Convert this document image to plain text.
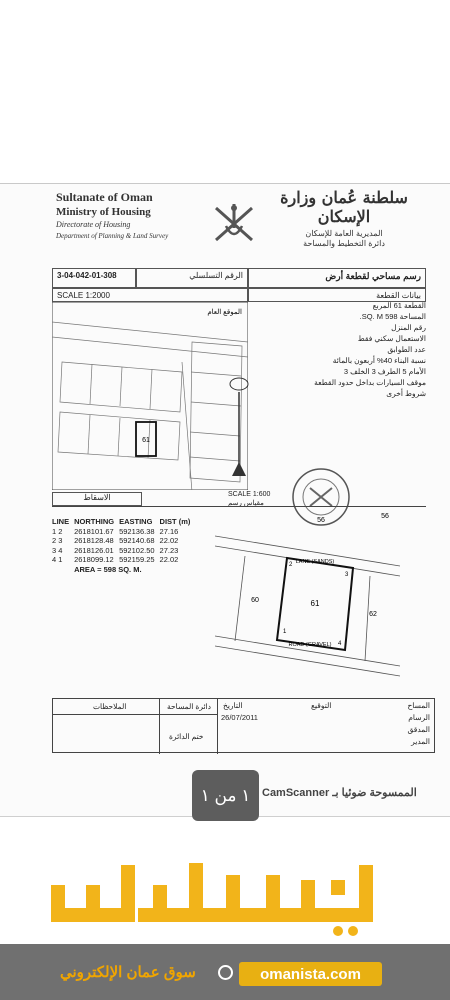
Sultanate of Oman
Ministry of Housing
Directorate of Housing
Department of Planning & Land Survey
سلطنة عُمان وزارة الإسكان
المديرية العامة للإسكان
دائرة التخطيط والمساحة
3-04-042-01-308	الرقم التسلسلي	رسم مساحي لقطعة أرض
SCALE 1:2000	بيانات القطعة
61
الموقع العام
القطعة 61 المربع
المساحة 598 SQ. M.
رقم المنزل
الاستعمال سكني فقط
عدد الطوابق
نسبة البناء 40% أربعون بالمائة
الأمام 5 الطرف 3 الخلف 3
موقف السيارات بداخل حدود القطعة
شروط أخرى
56
الاسقاط	SCALE 1:600
مقياس رسم
LINE	NORTHING	EASTING	DIST (m)
1 2	2618101.67	592136.38	27.16
2 3	2618128.48	592140.68	22.02
3 4	2618126.01	592102.50	27.23
4 1	2618099.12	592159.25	22.02
	AREA = 598 SQ. M.		
61
60
62
56
LANE (SANDS)
ROAD (GRAVEL)
1
2
3
4
الملاحظات	دائرة المساحة
ختم الدائرة
التاريخ
26/07/2011
التوقيع	المساح
الرسام
المدقق
المدير
الممسوحة ضوئيا بـ CamScanner
١ من ١
سوق عمان الإلكتروني	omanista.com
